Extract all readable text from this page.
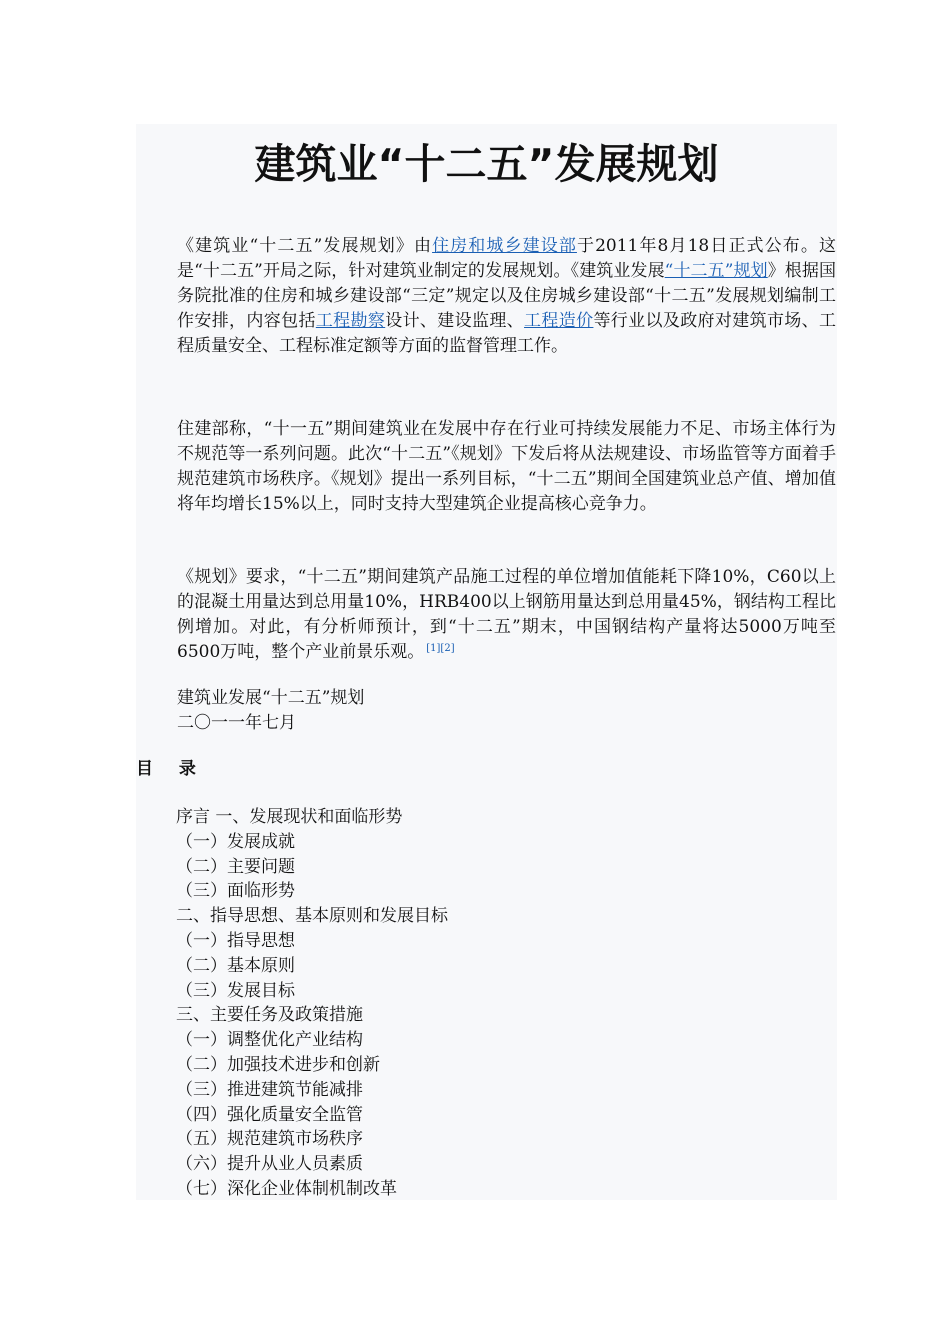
建筑业“十二五”发展规划

《建筑业“十二五”发展规划》由住房和城乡建设部于2011年8月18日正式公布。这是“十二五”开局之际，针对建筑业制定的发展规划。《建筑业发展“十二五”规划》根据国务院批准的住房和城乡建设部“三定”规定以及住房城乡建设部“十二五”发展规划编制工作安排，内容包括工程勘察设计、建设监理、工程造价等行业以及政府对建筑市场、工程质量安全、工程标准定额等方面的监督管理工作。

住建部称，“十一五”期间建筑业在发展中存在行业可持续发展能力不足、市场主体行为不规范等一系列问题。此次“十二五”《规划》下发后将从法规建设、市场监管等方面着手规范建筑市场秩序。《规划》提出一系列目标，“十二五”期间全国建筑业总产值、增加值将年均增长15%以上，同时支持大型建筑企业提高核心竞争力。

《规划》要求，“十二五”期间建筑产品施工过程的单位增加值能耗下降10%，C60以上的混凝土用量达到总用量10%，HRB400以上钢筋用量达到总用量45%，钢结构工程比例增加。对此，有分析师预计，到“十二五”期末，中国钢结构产量将达5000万吨至6500万吨，整个产业前景乐观。 [1][2]

建筑业发展“十二五”规划

二〇一一年七月

目 录
序言 一、发展现状和面临形势
（一）发展成就
（二）主要问题
（三）面临形势
二、指导思想、基本原则和发展目标
（一）指导思想
（二）基本原则
（三）发展目标
三、主要任务及政策措施
（一）调整优化产业结构
（二）加强技术进步和创新
（三）推进建筑节能减排
（四）强化质量安全监管
（五）规范建筑市场秩序
（六）提升从业人员素质
（七）深化企业体制机制改革
